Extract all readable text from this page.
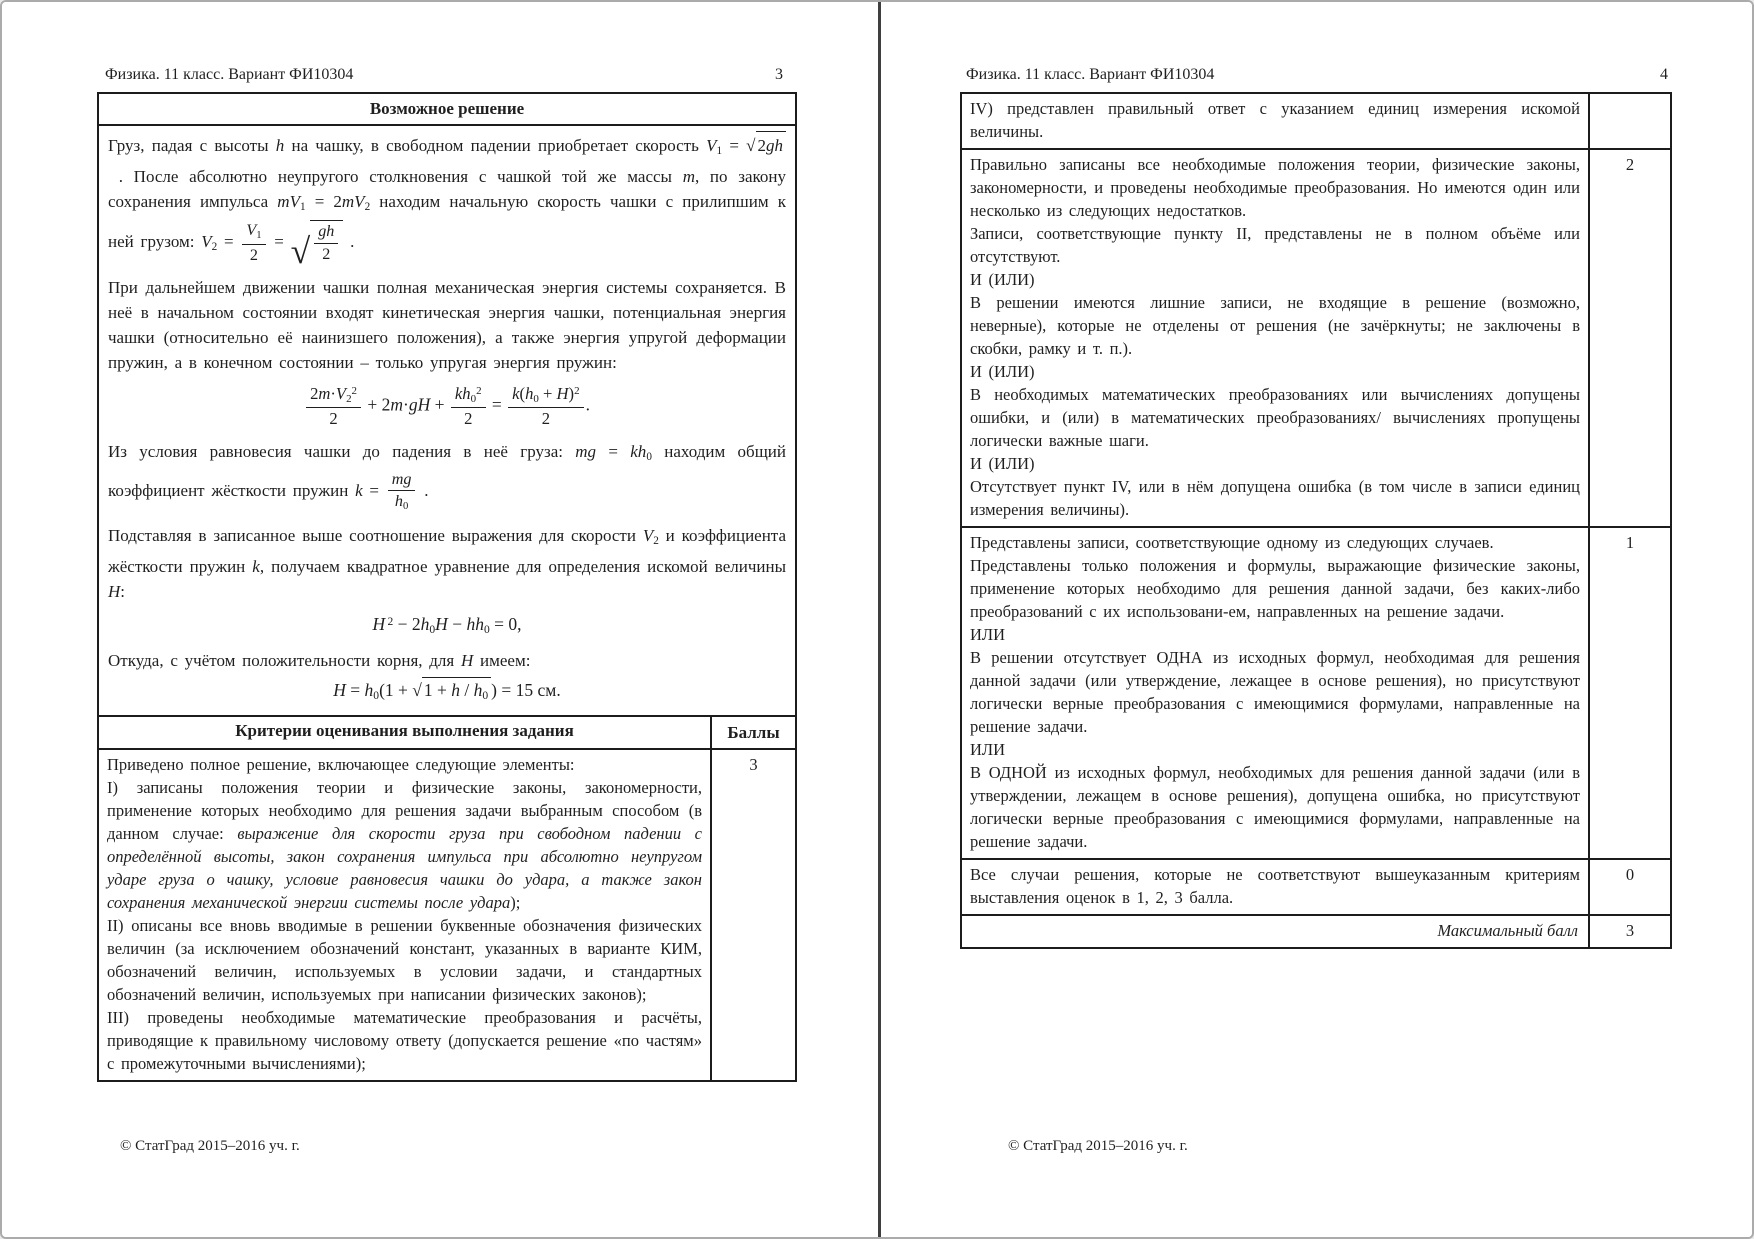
Физика. 11 класс. Вариант ФИ10304	3
Возможное решение
Груз, падая с высоты h на чашку, в свободном падении приобретает скорость $V_1$ = √ 2gh . После абсолютно неупругого столкновения с чашкой той же массы m, по закону сохранения импульса $mV_1 = 2mV_2$ находим начальную скорость чашки с прилипшим к ней грузом: $V_2 = \frac{V_1}{2}$ = √ $\frac{gh}{2}$ .
При дальнейшем движении чашки полная механическая энергия системы сохраняется. В неё в начальном состоянии входят кинетическая энергия чашки, потенциальная энергия чашки (относительно её наинизшего положения), а также энергия упругой деформации пружин, а в конечном состоянии – только упругая энергия пружин:
$\frac{2m\cdot V_2^2}{2} + 2m\cdot gH + \frac{kh_0^2}{2} = \frac{k(h_0 + H)^2}{2}$ .
Из условия равновесия чашки до падения в неё груза: mg = $kh_0$ находим общий коэффициент жёсткости пружин $k = \frac{mg}{h_0}$ .
Подставляя в записанное выше соотношение выражения для скорости $V_2$ и коэффициента жёсткости пружин k, получаем квадратное уравнение для определения искомой величины H:
H $^2 - 2h_0H - hh_0 = 0$,
Откуда, с учётом положительности корня, для H имеем:
$H = h_0(1$ + √ $1 + h / h_0$ ) = 15 см.
Критерии оценивания выполнения задания	Баллы
Приведено полное решение, включающее следующие элементы:
I) записаны положения теории и физические законы, закономерности, применение которых необходимо для решения задачи выбранным способом (в данном случае: выражение для скорости груза при свободном падении с определённой высоты, закон сохранения импульса при абсолютно неупругом ударе груза о чашку, условие равновесия чашки до удара, а также закон сохранения механической энергии системы после удара);
II) описаны все вновь вводимые в решении буквенные обозначения физических величин (за исключением обозначений констант, указанных в варианте КИМ, обозначений величин, используемых в условии задачи, и стандартных обозначений величин, используемых при написании физических законов);
III) проведены необходимые математические преобразования и расчёты, приводящие к правильному числовому ответу (допускается решение «по частям» с промежуточными вычислениями);
3
© СтатГрад 2015–2016 уч. г.
Физика. 11 класс. Вариант ФИ10304	4
IV) представлен правильный ответ с указанием единиц измерения искомой величины.
Правильно записаны все необходимые положения теории, физические законы, закономерности, и проведены необходимые преобразования. Но имеются один или несколько из следующих недостатков.
Записи, соответствующие пункту II, представлены не в полном объёме или отсутствуют.
И (ИЛИ)
В решении имеются лишние записи, не входящие в решение (возможно, неверные), которые не отделены от решения (не зачёркнуты; не заключены в скобки, рамку и т. п.).
И (ИЛИ)
В необходимых математических преобразованиях или вычислениях допущены ошибки, и (или) в математических преобразованиях/ вычислениях пропущены логически важные шаги.
И (ИЛИ)
Отсутствует пункт IV, или в нём допущена ошибка (в том числе в записи единиц измерения величины).
2
Представлены записи, соответствующие одному из следующих случаев.
Представлены только положения и формулы, выражающие физические законы, применение которых необходимо для решения данной задачи, без каких-либо преобразований с их использовани-ем, направленных на решение задачи.
ИЛИ
В решении отсутствует ОДНА из исходных формул, необходимая для решения данной задачи (или утверждение, лежащее в основе решения), но присутствуют логически верные преобразования с имеющимися формулами, направленные на решение задачи.
ИЛИ
В ОДНОЙ из исходных формул, необходимых для решения данной задачи (или в утверждении, лежащем в основе решения), допущена ошибка, но присутствуют логически верные преобразования с имеющимися формулами, направленные на решение задачи.
1
Все случаи решения, которые не соответствуют вышеуказанным критериям выставления оценок в 1, 2, 3 балла.
0
Максимальный балл	3
© СтатГрад 2015–2016 уч. г.
